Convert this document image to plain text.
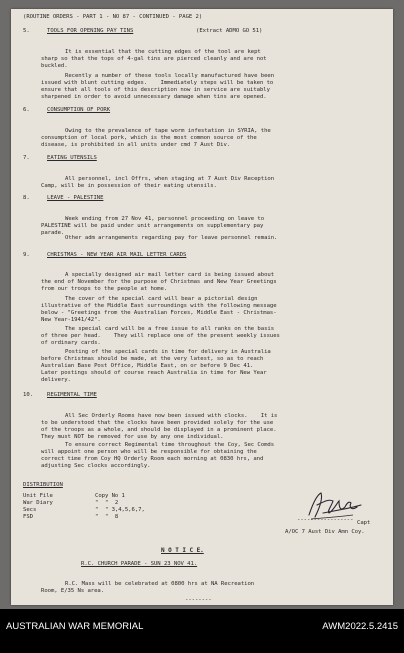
(ROUTINE ORDERS - PART 1 - NO 87 - CONTINUED - PAGE 2)
5.	TOOLS FOR OPENING PAY TINS	(Extract ADMO GO 51)

It is essential that the cutting edges of the tool are kept
sharp so that the tops of 4-gal tins are pierced cleanly and are not
buckled.

Recently a number of these tools locally manufactured have been
issued with blunt cutting edges.    Immediately steps will be taken to
ensure that all tools of this description now in service are suitably
sharpened in order to avoid unnecessary damage when tins are opened.
6.	CONSUMPTION OF PORK

Owing to the prevalence of tape worm infestation in SYRIA, the
consumption of local pork, which is the most common source of the
disease, is prohibited in all units under cmd 7 Aust Div.
7.	EATING UTENSILS

All personnel, incl Offrs, when staging at 7 Aust Div Reception
Camp, will be in possession of their eating utensils.
8.	LEAVE - PALESTINE

Week ending from 27 Nov 41, personnel proceeding on leave to
PALESTINE will be paid under unit arrangements on supplementary pay
parade.
Other adm arrangements regarding pay for leave personnel remain.
9.	CHRISTMAS - NEW YEAR AIR MAIL LETTER CARDS

A specially designed air mail letter card is being issued about
the end of November for the purpose of Christmas and New Year Greetings
from our troops to the people at home.

The cover of the special card will bear a pictorial design
illustrative of the Middle East surroundings with the following message
below - "Greetings from the Australian Forces, Middle East - Christmas-
New Year-1941/42".

The special card will be a free issue to all ranks on the basis
of three per head.    They will replace one of the present weekly issues
of ordinary cards.

Posting of the special cards in time for delivery in Australia
before Christmas should be made, at the very latest, so as to reach
Australian Base Post Office, Middle East, on or before 9 Dec 41.
Later postings should of course reach Australia in time for New Year
delivery.
10.	REGIMENTAL TIME

All Sec Orderly Rooms have now been issued with clocks.    It is
to be understood that the clocks have been provided solely for the use
of the troops as a whole, and should be displayed in a prominent place.
They must NOT be removed for use by any one individual.

To ensure correct Regimental time throughout the Coy, Sec Comds
will appoint one person who will be responsible for obtaining the
correct time from Coy HQ Orderly Room each morning at 0830 hrs, and
adjusting Sec clocks accordingly.
DISTRIBUTION
Unit File	Copy No 1
War Diary	"  "  2
Secs	"  " 3,4,5,6,7,
FSD	"  "  8	----------------- Capt
A/OC 7 Aust Div Amn Coy.
N O T I C E.
R.C. CHURCH PARADE - SUN 23 NOV 41.

R.C. Mass will be celebrated at 0800 hrs at NA Recreation
Room, E/35 Ns area.
--------
AUSTRALIAN WAR MEMORIAL	AWM2022.5.2415
